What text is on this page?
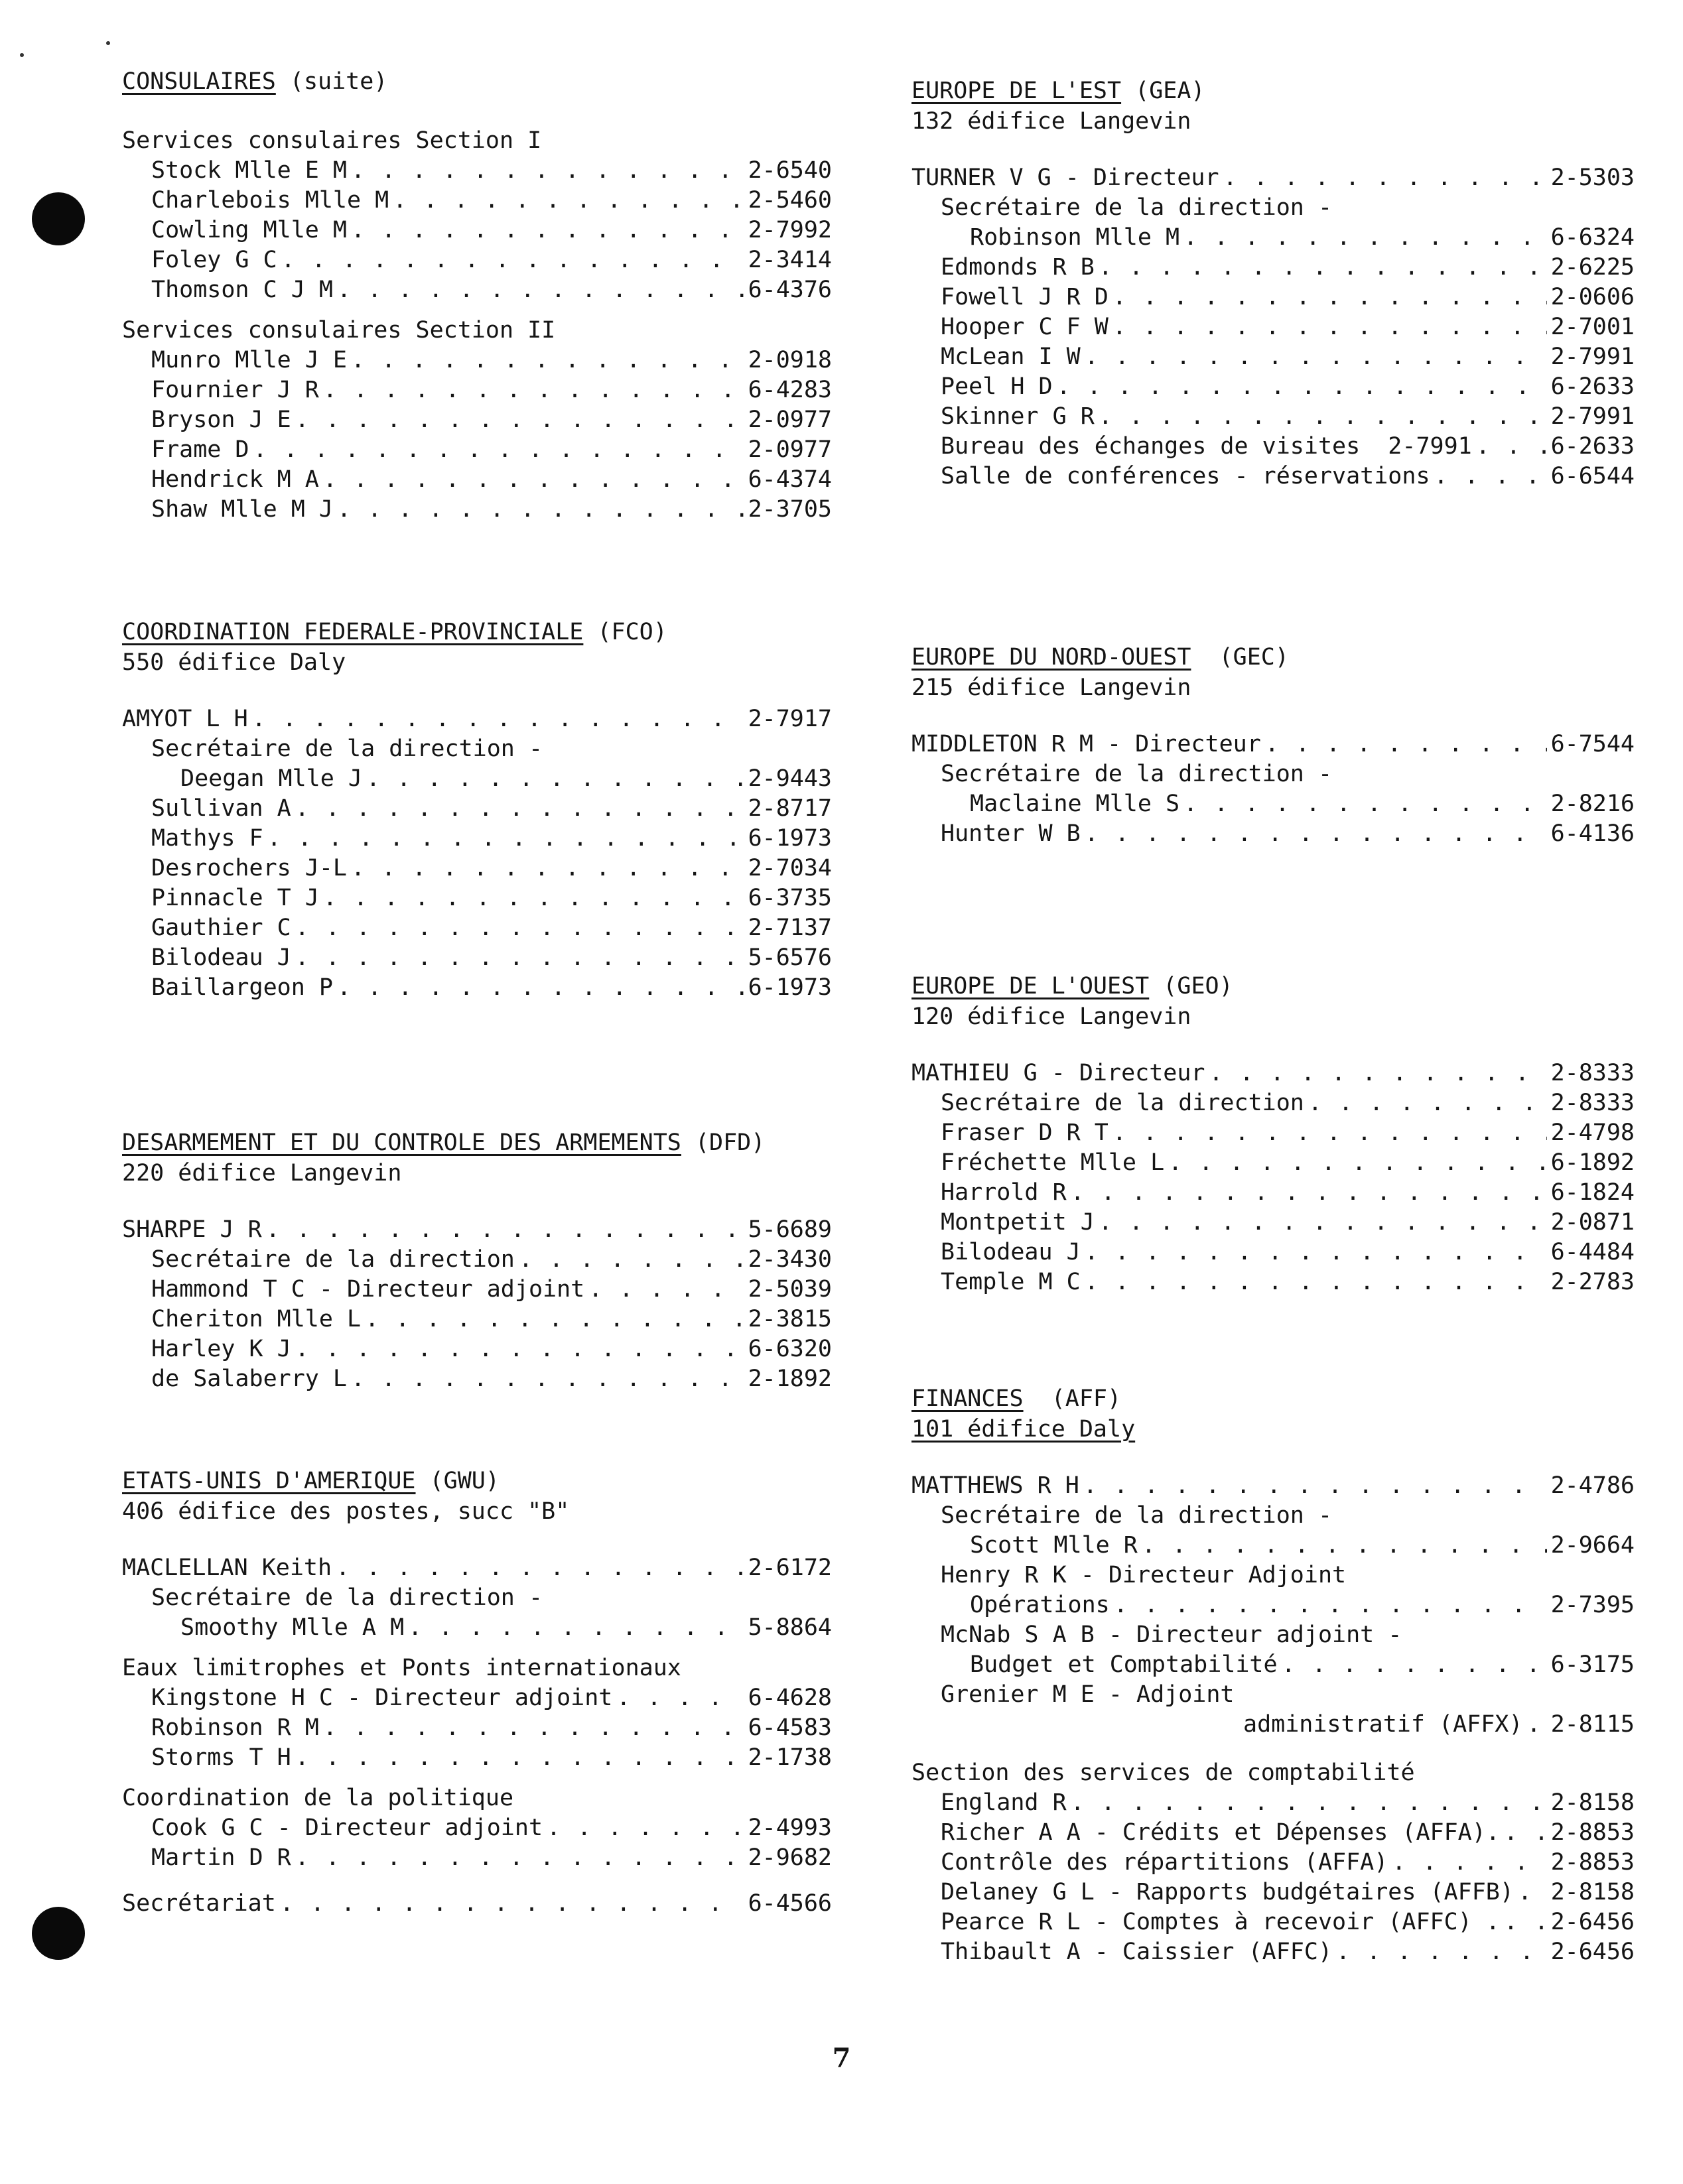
CONSULAIRES (suite)
Services consulaires Section I
Stock Mlle E M . . .	2-6540
Charlebois Mlle M . . .	2-5460
Cowling Mlle M . . .	2-7992
Foley G C . . .	2-3414
Thomson C J M . . .	6-4376
Services consulaires Section II
Munro Mlle J E . . .	2-0918
Fournier J R . . .	6-4283
Bryson J E . . .	2-0977
Frame D . . .	2-0977
Hendrick M A . . .	6-4374
Shaw Mlle M J . . .	2-3705
COORDINATION FEDERALE-PROVINCIALE (FCO)
550 édifice Daly
AMYOT L H . . .	2-7917
Secrétaire de la direction -
Deegan Mlle J . . .	2-9443
Sullivan A . . .	2-8717
Mathys F . . .	6-1973
Desrochers J-L . . .	2-7034
Pinnacle T J . . .	6-3735
Gauthier C . . .	2-7137
Bilodeau J . . .	5-6576
Baillargeon P . . .	6-1973
DESARMEMENT ET DU CONTROLE DES ARMEMENTS (DFD)
220 édifice Langevin
SHARPE J R . . .	5-6689
Secrétaire de la direction . . .	2-3430
Hammond T C - Directeur adjoint . . .	2-5039
Cheriton Mlle L . . .	2-3815
Harley K J . . .	6-6320
de Salaberry L . . .	2-1892
ETATS-UNIS D'AMERIQUE (GWU)
406 édifice des postes, succ "B"
MACLELLAN Keith . . .	2-6172
Secrétaire de la direction -
Smoothy Mlle A M . . .	5-8864
Eaux limitrophes et Ponts internationaux
Kingstone H C - Directeur adjoint . . .	6-4628
Robinson R M . . .	6-4583
Storms T H . . .	2-1738
Coordination de la politique
Cook G C - Directeur adjoint . . .	2-4993
Martin D R . . .	2-9682
Secrétariat . . .	6-4566
EUROPE DE L'EST (GEA)
132 édifice Langevin
TURNER V G - Directeur . . .	2-5303
Secrétaire de la direction -
Robinson Mlle M . . .	6-6324
Edmonds R B . . .	2-6225
Fowell J R D . . .	2-0606
Hooper C F W . . .	2-7001
McLean I W . . .	2-7991
Peel H D . . .	6-2633
Skinner G R . . .	2-7991
Bureau des échanges de visites  2-7991 . . .	6-2633
Salle de conférences - réservations . . .	6-6544
EUROPE DU NORD-OUEST  (GEC)
215 édifice Langevin
MIDDLETON R M - Directeur . . .	6-7544
Secrétaire de la direction -
Maclaine Mlle S . . .	2-8216
Hunter W B . . .	6-4136
EUROPE DE L'OUEST (GEO)
120 édifice Langevin
MATHIEU G - Directeur . . .	2-8333
Secrétaire de la direction . . .	2-8333
Fraser D R T . . .	2-4798
Fréchette Mlle L . . .	6-1892
Harrold R . . .	6-1824
Montpetit J . . .	2-0871
Bilodeau J . . .	6-4484
Temple M C . . .	2-2783
FINANCES  (AFF)
101 édifice Daly
MATTHEWS R H . . .	2-4786
Secrétaire de la direction -
Scott Mlle R . . .	2-9664
Henry R K - Directeur Adjoint
Opérations . . .	2-7395
McNab S A B - Directeur adjoint -
Budget et Comptabilité . . .	6-3175
Grenier M E - Adjoint
administratif (AFFX) . . . 2-8115
Section des services de comptabilité
England R . . .	2-8158
Richer A A - Crédits et Dépenses (AFFA). . . . 2-8853
Contrôle des répartitions (AFFA) . . .	2-8853
Delaney G L - Rapports budgétaires (AFFB) . . . 2-8158
Pearce R L - Comptes à recevoir (AFFC) . . . . 2-6456
Thibault A - Caissier (AFFC) . . .	2-6456
7
